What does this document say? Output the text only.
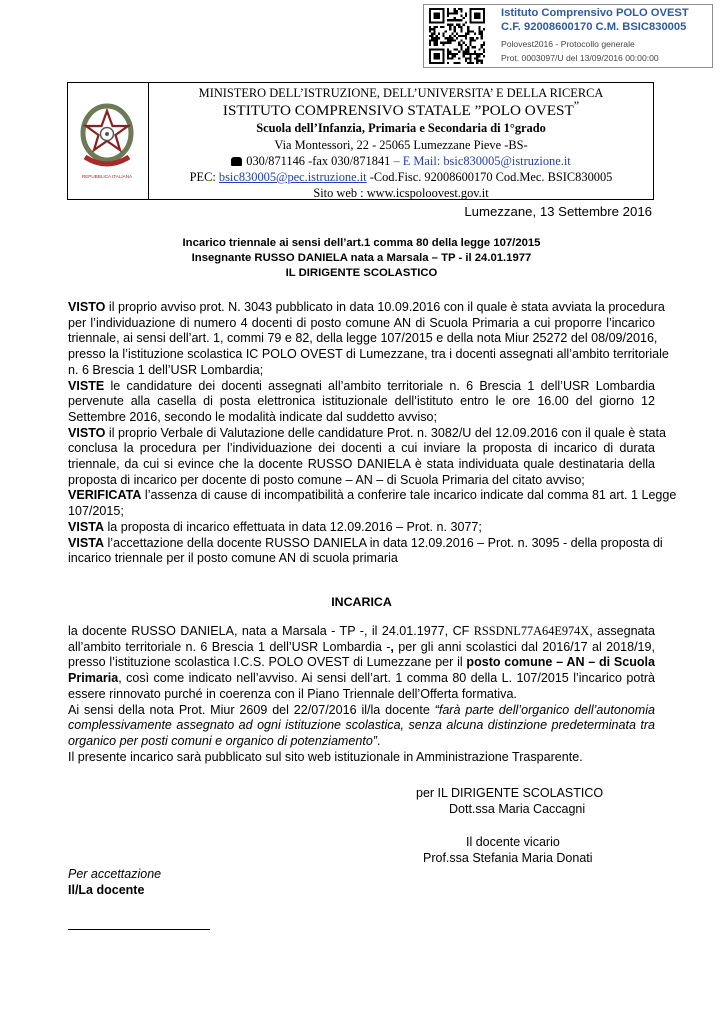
Istituto Comprensivo POLO OVEST
C.F. 92008600170 C.M. BSIC830005
Polovest2016 - Protocollo generale
Prot. 0003097/U del 13/09/2016 00:00:00
REPUBBLICA ITALIANA
MINISTERO DELL’ISTRUZIONE, DELL’UNIVERSITA’ E DELLA RICERCA
ISTITUTO COMPRENSIVO STATALE ”POLO OVEST”
Scuola dell’Infanzia, Primaria e Secondaria di 1°grado
Via Montessori, 22 - 25065 Lumezzane Pieve -BS-
030/871146 -fax 030/871841 – E Mail: bsic830005@istruzione.it
PEC: bsic830005@pec.istruzione.it -Cod.Fisc. 92008600170 Cod.Mec. BSIC830005
Sito web : www.icspoloovest.gov.it
Lumezzane, 13 Settembre 2016
Incarico triennale ai sensi dell’art.1 comma 80 della legge 107/2015
Insegnante RUSSO DANIELA nata a Marsala – TP - il 24.01.1977
IL DIRIGENTE SCOLASTICO
VISTO il proprio avviso prot. N. 3043 pubblicato in data 10.09.2016 con il quale è stata avviata la procedura
per l’individuazione di numero 4 docenti di posto comune AN di Scuola Primaria a cui proporre l’incarico
triennale, ai sensi dell’art. 1, commi 79 e 82, della legge 107/2015 e della nota Miur 25272 del 08/09/2016,
presso la l’istituzione scolastica IC POLO OVEST di Lumezzane, tra i docenti assegnati all’ambito territoriale
n. 6 Brescia 1 dell’USR Lombardia;
VISTE le candidature dei docenti assegnati all’ambito territoriale n. 6 Brescia 1 dell’USR Lombardia
pervenute alla casella di posta elettronica istituzionale dell’istituto entro le ore 16.00 del giorno 12
Settembre 2016, secondo le modalità indicate dal suddetto avviso;
VISTO il proprio Verbale di Valutazione delle candidature Prot. n. 3082/U del 12.09.2016 con il quale è stata
conclusa la procedura per l’individuazione dei docenti a cui inviare la proposta di incarico di durata
triennale, da cui si evince che la docente RUSSO DANIELA è stata individuata quale destinataria della
proposta di incarico per docente di posto comune – AN – di Scuola Primaria del citato avviso;
VERIFICATA l’assenza di cause di incompatibilità a conferire tale incarico indicate dal comma 81 art. 1 Legge
107/2015;
VISTA la proposta di incarico effettuata in data 12.09.2016 – Prot. n. 3077;
VISTA l’accettazione della docente RUSSO DANIELA in data 12.09.2016 – Prot. n. 3095 - della proposta di
incarico triennale per il posto comune AN di scuola primaria
INCARICA
la docente RUSSO DANIELA, nata a Marsala - TP -, il 24.01.1977, CF RSSDNL77A64E974X, assegnata
all’ambito territoriale n. 6 Brescia 1 dell’USR Lombardia -, per gli anni scolastici dal 2016/17 al 2018/19,
presso l’istituzione scolastica I.C.S. POLO OVEST di Lumezzane per il posto comune – AN – di Scuola
Primaria, così come indicato nell’avviso. Ai sensi dell’art. 1 comma 80 della L. 107/2015 l’incarico potrà
essere rinnovato purché in coerenza con il Piano Triennale dell’Offerta formativa.
Ai sensi della nota Prot. Miur 2609 del 22/07/2016 il/la docente “farà parte dell’organico dell’autonomia
complessivamente assegnato ad ogni istituzione scolastica, senza alcuna distinzione predeterminata tra
organico per posti comuni e organico di potenziamento”.
Il presente incarico sarà pubblicato sul sito web istituzionale in Amministrazione Trasparente.
per IL DIRIGENTE SCOLASTICO
Dott.ssa Maria Caccagni
Il docente vicario
Prof.ssa Stefania Maria Donati
Per accettazione
Il/La docente
